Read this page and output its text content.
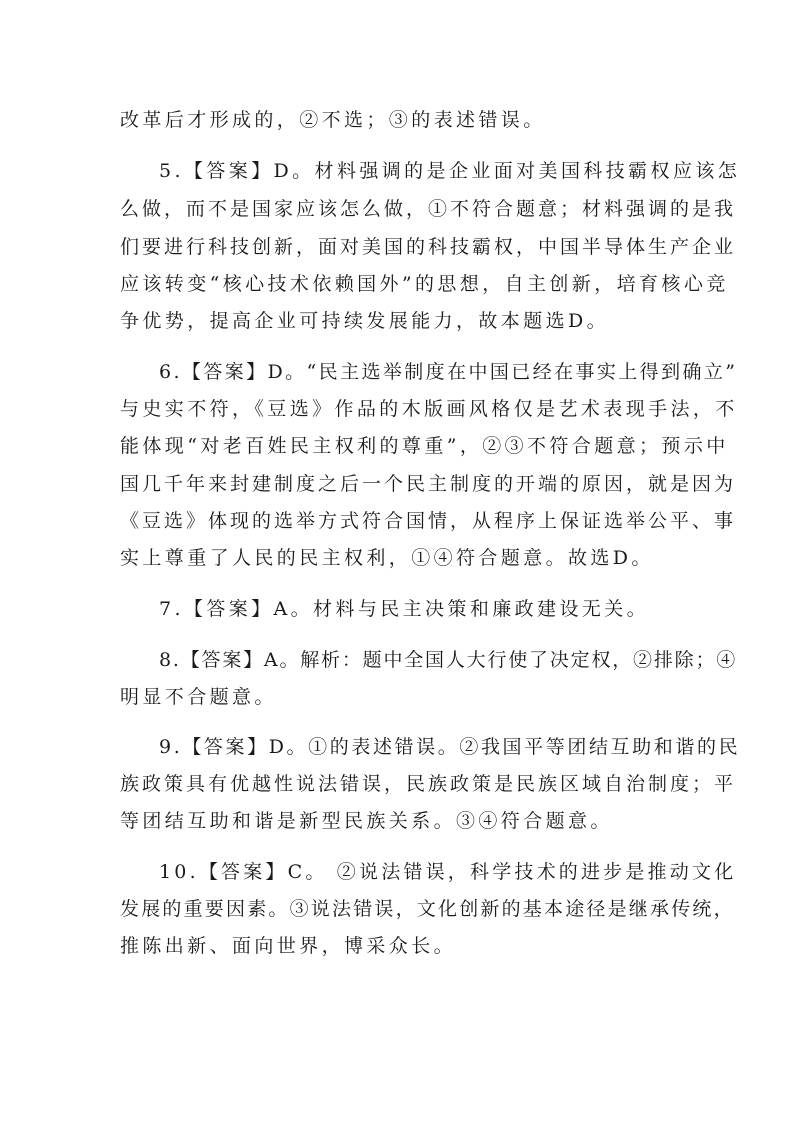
改革后才形成的，②不选；③的表述错误。

5.【答案】D。材料强调的是企业面对美国科技霸权应该怎

么做，而不是国家应该怎么做，①不符合题意；材料强调的是我

们要进行科技创新，面对美国的科技霸权，中国半导体生产企业

应该转变“核心技术依赖国外”的思想，自主创新，培育核心竞

争优势，提高企业可持续发展能力，故本题选D。

6.【答案】D。“民主选举制度在中国已经在事实上得到确立”

与史实不符，《豆选》作品的木版画风格仅是艺术表现手法，不

能体现“对老百姓民主权利的尊重”，②③不符合题意；预示中

国几千年来封建制度之后一个民主制度的开端的原因，就是因为

《豆选》体现的选举方式符合国情，从程序上保证选举公平、事

实上尊重了人民的民主权利，①④符合题意。故选D。

7.【答案】A。材料与民主决策和廉政建设无关。

8.【答案】A。解析：题中全国人大行使了决定权，②排除；④

明显不合题意。

9.【答案】D。①的表述错误。②我国平等团结互助和谐的民

族政策具有优越性说法错误，民族政策是民族区域自治制度；平

等团结互助和谐是新型民族关系。③④符合题意。

10.【答案】C。 ②说法错误，科学技术的进步是推动文化

发展的重要因素。③说法错误，文化创新的基本途径是继承传统，

推陈出新、面向世界，博采众长。
